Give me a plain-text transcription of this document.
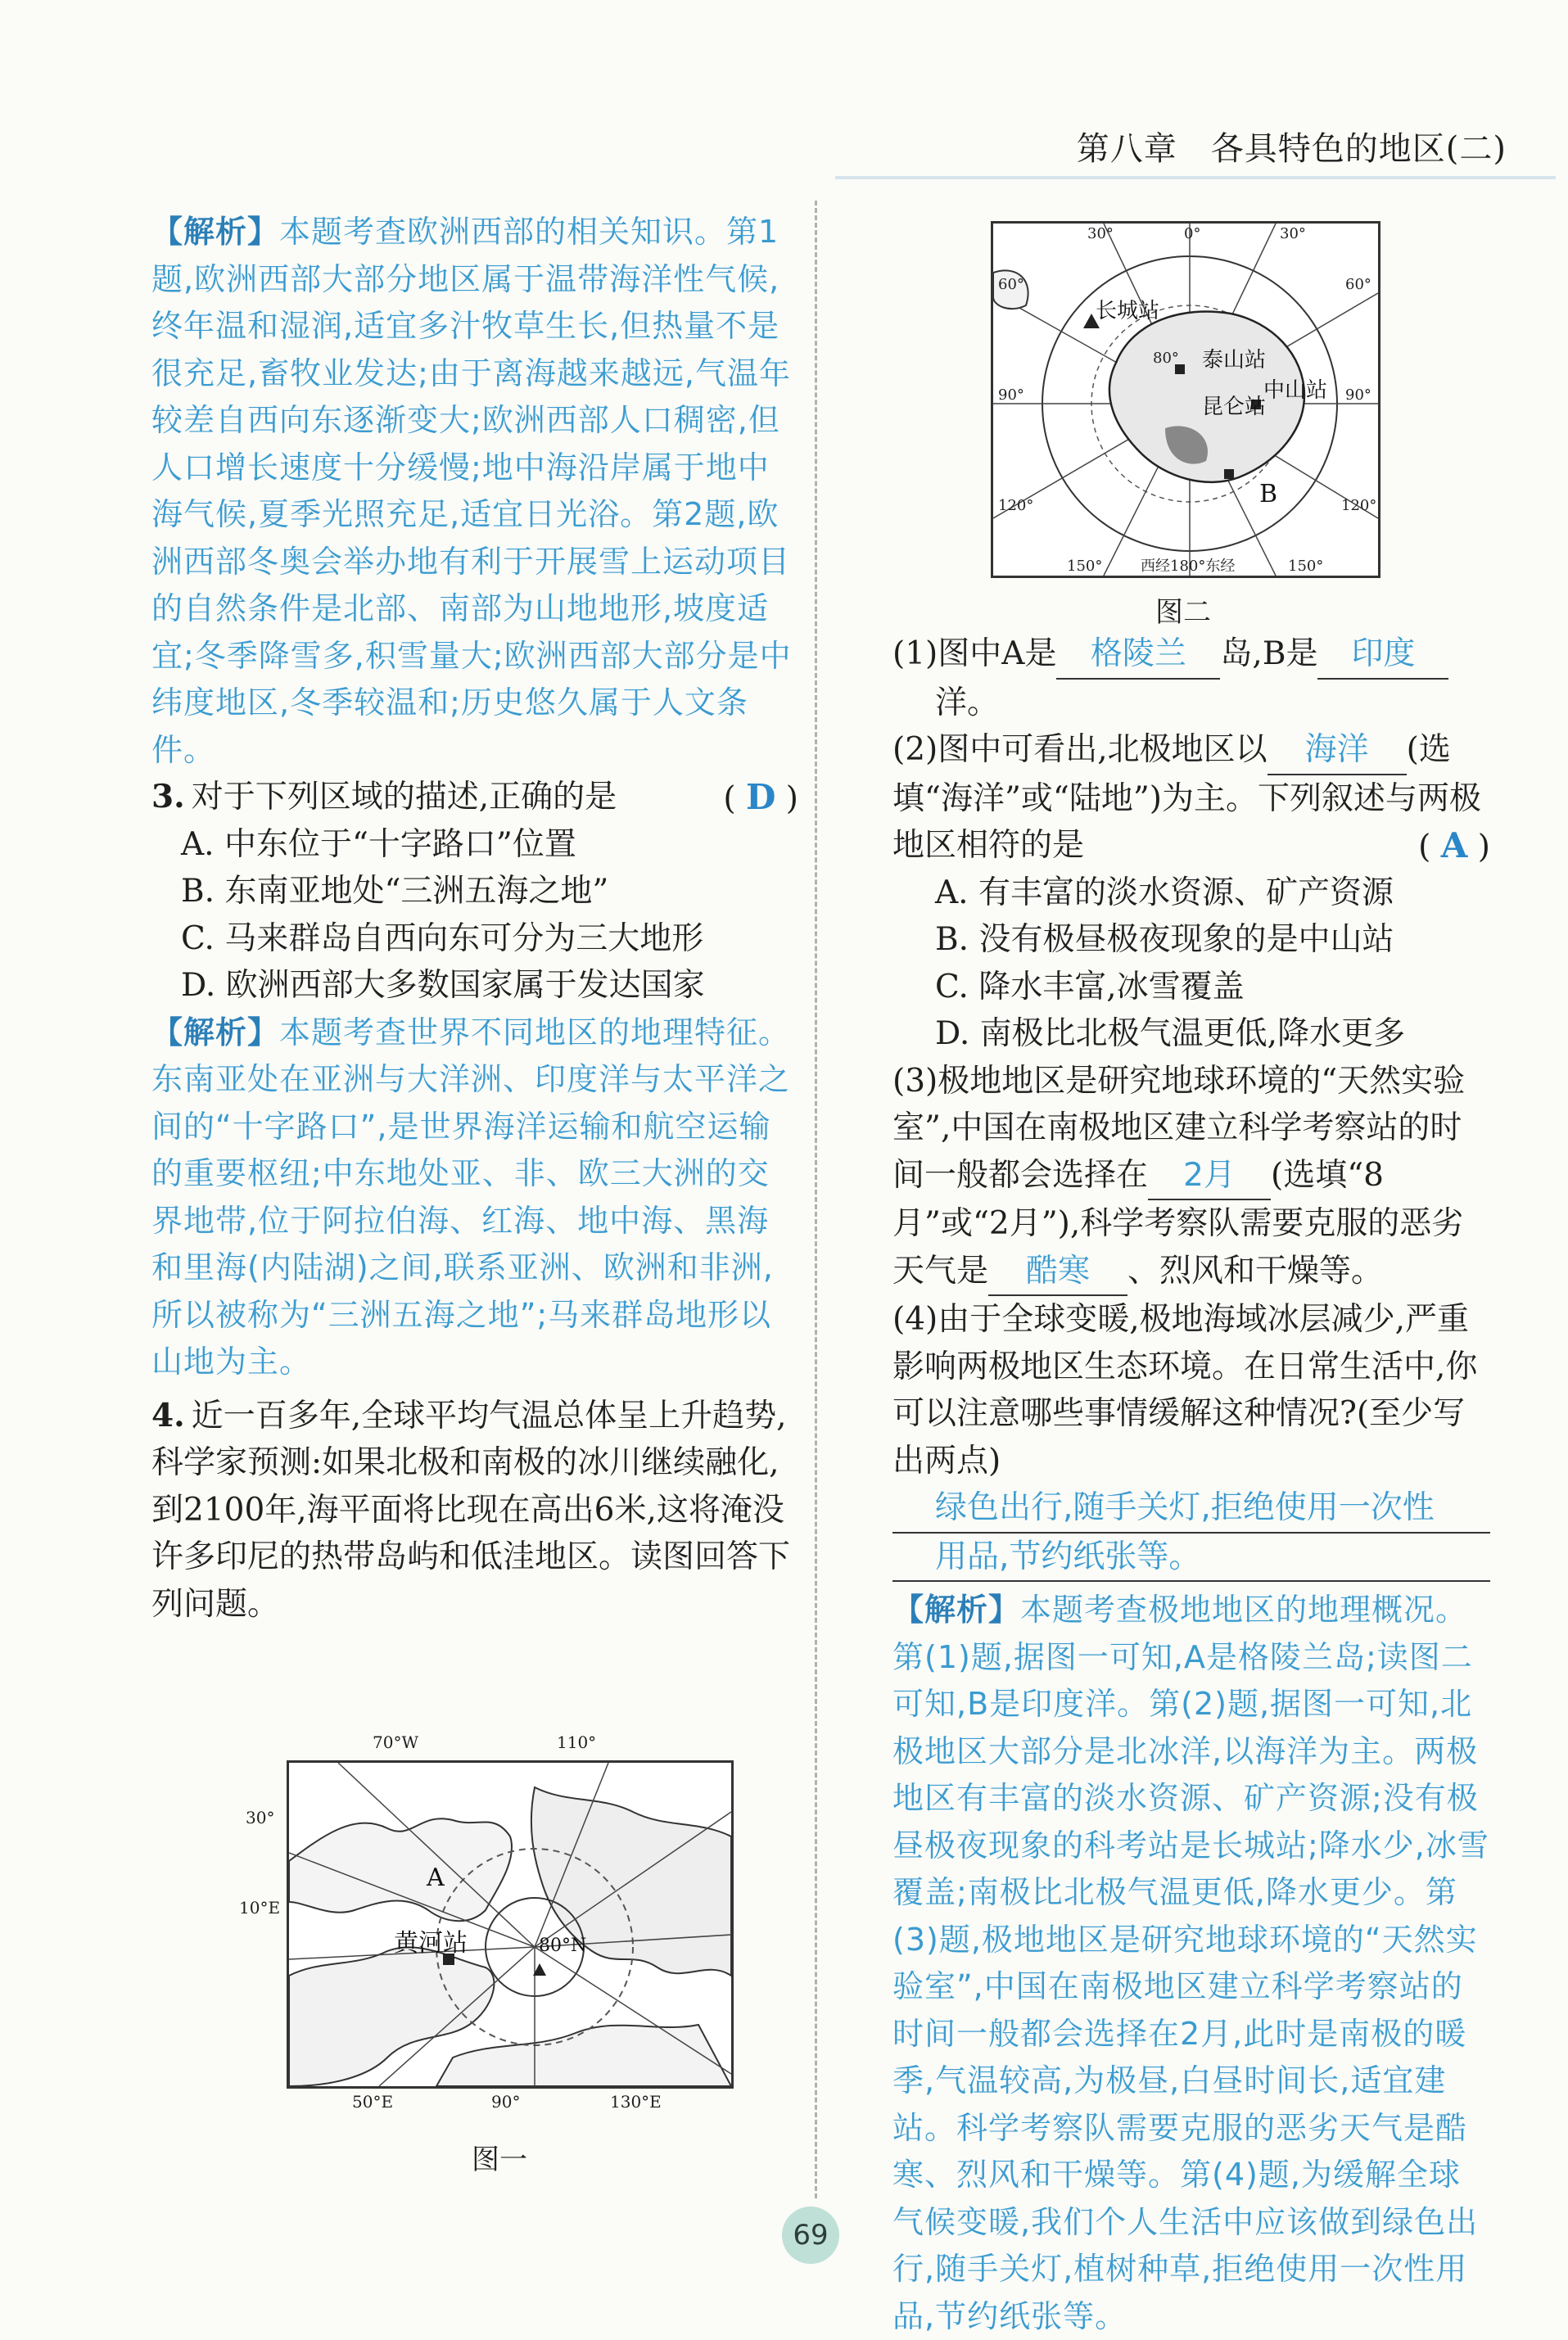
第八章　各具特色的地区(二)
【解析】本题考查欧洲西部的相关知识。第1题,欧洲西部大部分地区属于温带海洋性气候,终年温和湿润,适宜多汁牧草生长,但热量不是很充足,畜牧业发达;由于离海越来越远,气温年较差自西向东逐渐变大;欧洲西部人口稠密,但人口增长速度十分缓慢;地中海沿岸属于地中海气候,夏季光照充足,适宜日光浴。第2题,欧洲西部冬奥会举办地有利于开展雪上运动项目的自然条件是北部、南部为山地地形,坡度适宜;冬季降雪多,积雪量大;欧洲西部大部分是中纬度地区,冬季较温和;历史悠久属于人文条件。
3. 对于下列区域的描述,正确的是	( D )
A. 中东位于“十字路口”位置
B. 东南亚地处“三洲五海之地”
C. 马来群岛自西向东可分为三大地形
D. 欧洲西部大多数国家属于发达国家
【解析】本题考查世界不同地区的地理特征。东南亚处在亚洲与大洋洲、印度洋与太平洋之间的“十字路口”,是世界海洋运输和航空运输的重要枢纽;中东地处亚、非、欧三大洲的交界地带,位于阿拉伯海、红海、地中海、黑海和里海(内陆湖)之间,联系亚洲、欧洲和非洲,所以被称为“三洲五海之地”;马来群岛地形以山地为主。
4. 近一百多年,全球平均气温总体呈上升趋势,科学家预测:如果北极和南极的冰川继续融化,到2100年,海平面将比现在高出6米,这将淹没许多印尼的热带岛屿和低洼地区。读图回答下列问题。
A
黄河站	80°N
70°W	110°
30°
10°E
50°E	90°	130°E
图一
长城站
泰山站
中山站
昆仑站
80°
B
30°	0°	30°
60°	60°
90°	90°
120°	120°
150°	150°
西经180°东经
图二
(1)图中A是 格陵兰 岛,B是 印度
洋。
(2)图中可看出,北极地区以 海洋 (选填“海洋”或“陆地”)为主。下列叙述与两极地区相符的是	( A )
A. 有丰富的淡水资源、矿产资源
B. 没有极昼极夜现象的是中山站
C. 降水丰富,冰雪覆盖
D. 南极比北极气温更低,降水更多
(3)极地地区是研究地球环境的“天然实验室”,中国在南极地区建立科学考察站的时间一般都会选择在 2月 (选填“8月”或“2月”),科学考察队需要克服的恶劣天气是 酷寒 、烈风和干燥等。
(4)由于全球变暖,极地海域冰层减少,严重影响两极地区生态环境。在日常生活中,你可以注意哪些事情缓解这种情况?(至少写出两点)
绿色出行,随手关灯,拒绝使用一次性
用品,节约纸张等。
【解析】本题考查极地地区的地理概况。第(1)题,据图一可知,A是格陵兰岛;读图二可知,B是印度洋。第(2)题,据图一可知,北极地区大部分是北冰洋,以海洋为主。两极地区有丰富的淡水资源、矿产资源;没有极昼极夜现象的科考站是长城站;降水少,冰雪覆盖;南极比北极气温更低,降水更少。第(3)题,极地地区是研究地球环境的“天然实验室”,中国在南极地区建立科学考察站的时间一般都会选择在2月,此时是南极的暖季,气温较高,为极昼,白昼时间长,适宜建站。科学考察队需要克服的恶劣天气是酷寒、烈风和干燥等。第(4)题,为缓解全球气候变暖,我们个人生活中应该做到绿色出行,随手关灯,植树种草,拒绝使用一次性用品,节约纸张等。
69
